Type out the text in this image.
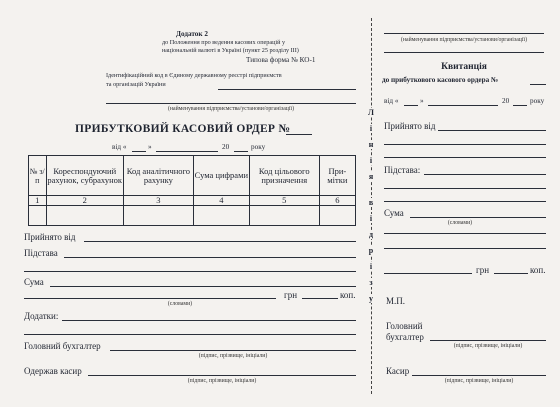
Додаток 2
до Положення про ведення касових операцій у
національній валюті в Україні (пункт 25 розділу ІІІ)
Типова форма № КО-1
Ідентифікаційний код в Єдиному державному реєстрі підприємств
та організацій України
(найменування підприємства/установи/організації)
ПРИБУТКОВИЙ КАСОВИЙ ОРДЕР №
від «	»	20	року
№ з/п	Кореспондуючий рахунок, субрахунок	Код аналітичного рахунку	Сума цифрами	Код цільового призначення	При- мітки
1	2	3	4	5	6

Прийнято від
Підстава
Сума
грн	коп.
(словами)
Додатки:
Головний бухгалтер
(підпис, прізвище, ініціали)
Одержав касир
(підпис, прізвище, ініціали)
Л
і
н
і
я
в
і
д
р
і
з
у
(найменування підприємства/установи/організації)
Квитанція
до прибуткового касового ордера №
від «	»	20	року
Прийнято від
Підстава:
Сума
(словами)
грн	коп.
М.П.
Головний
бухгалтер
(підпис, прізвище, ініціали)
Касир
(підпис, прізвище, ініціали)
